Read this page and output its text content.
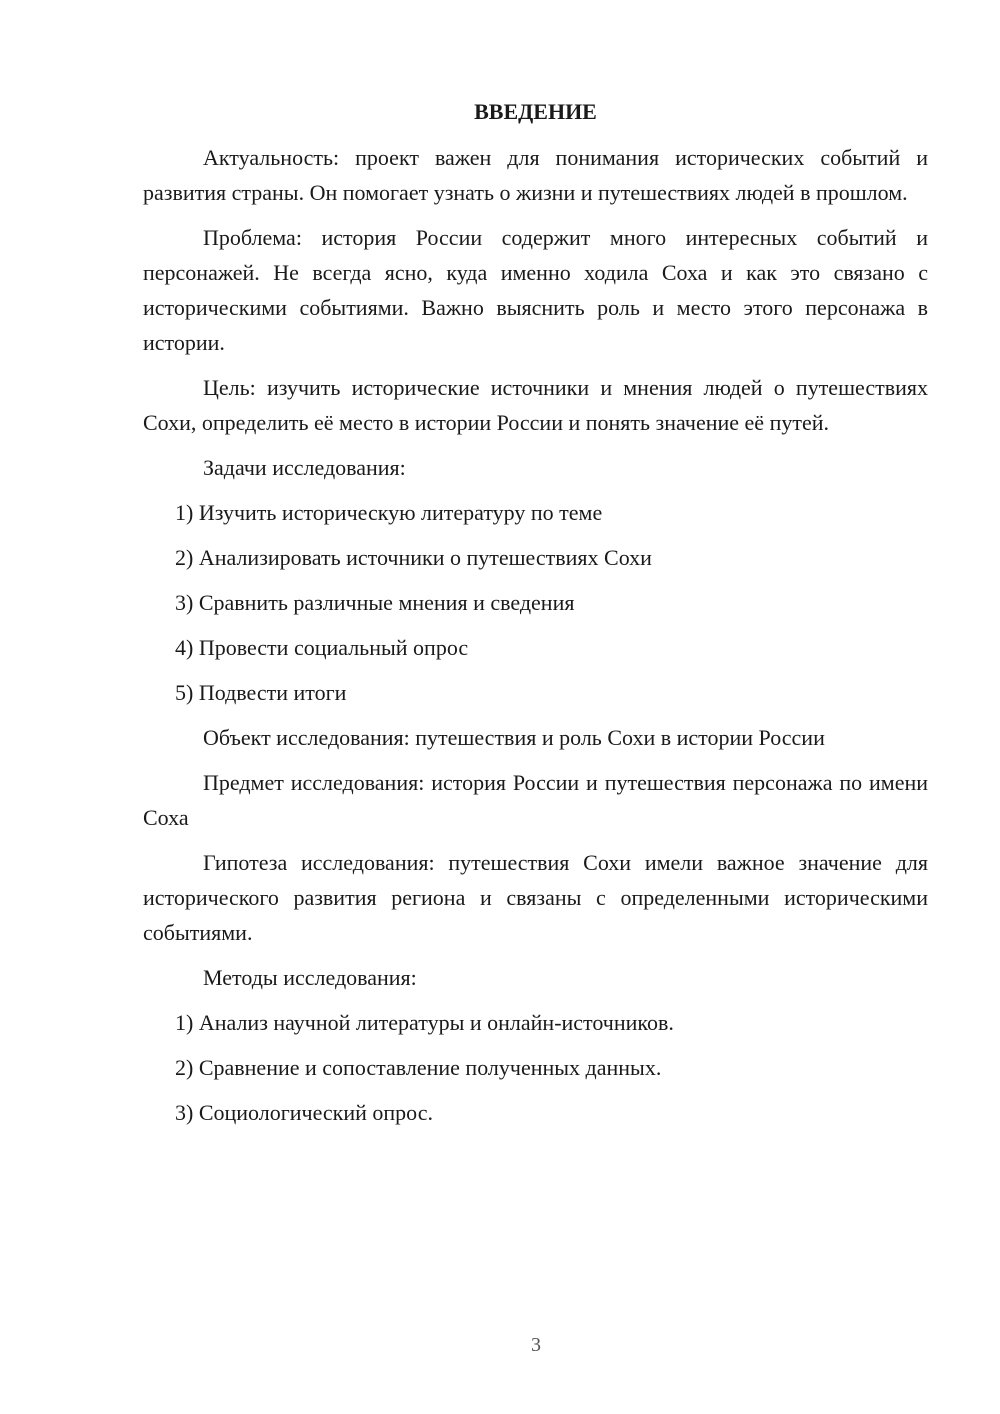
ВВЕДЕНИЕ

Актуальность: проект важен для понимания исторических событий и развития страны. Он помогает узнать о жизни и путешествиях людей в прошлом.

Проблема: история России содержит много интересных событий и персонажей. Не всегда ясно, куда именно ходила Соха и как это связано с историческими событиями. Важно выяснить роль и место этого персонажа в истории.

Цель: изучить исторические источники и мнения людей о путешествиях Сохи, определить её место в истории России и понять значение её путей.

Задачи исследования:
1) Изучить историческую литературу по теме
2) Анализировать источники о путешествиях Сохи
3) Сравнить различные мнения и сведения
4) Провести социальный опрос
5) Подвести итоги
Объект исследования: путешествия и роль Сохи в истории России

Предмет исследования: история России и путешествия персонажа по имени Соха

Гипотеза исследования: путешествия Сохи имели важное значение для исторического развития региона и связаны с определенными историческими событиями.

Методы исследования:
1) Анализ научной литературы и онлайн-источников.
2) Сравнение и сопоставление полученных данных.
3) Социологический опрос.
3
